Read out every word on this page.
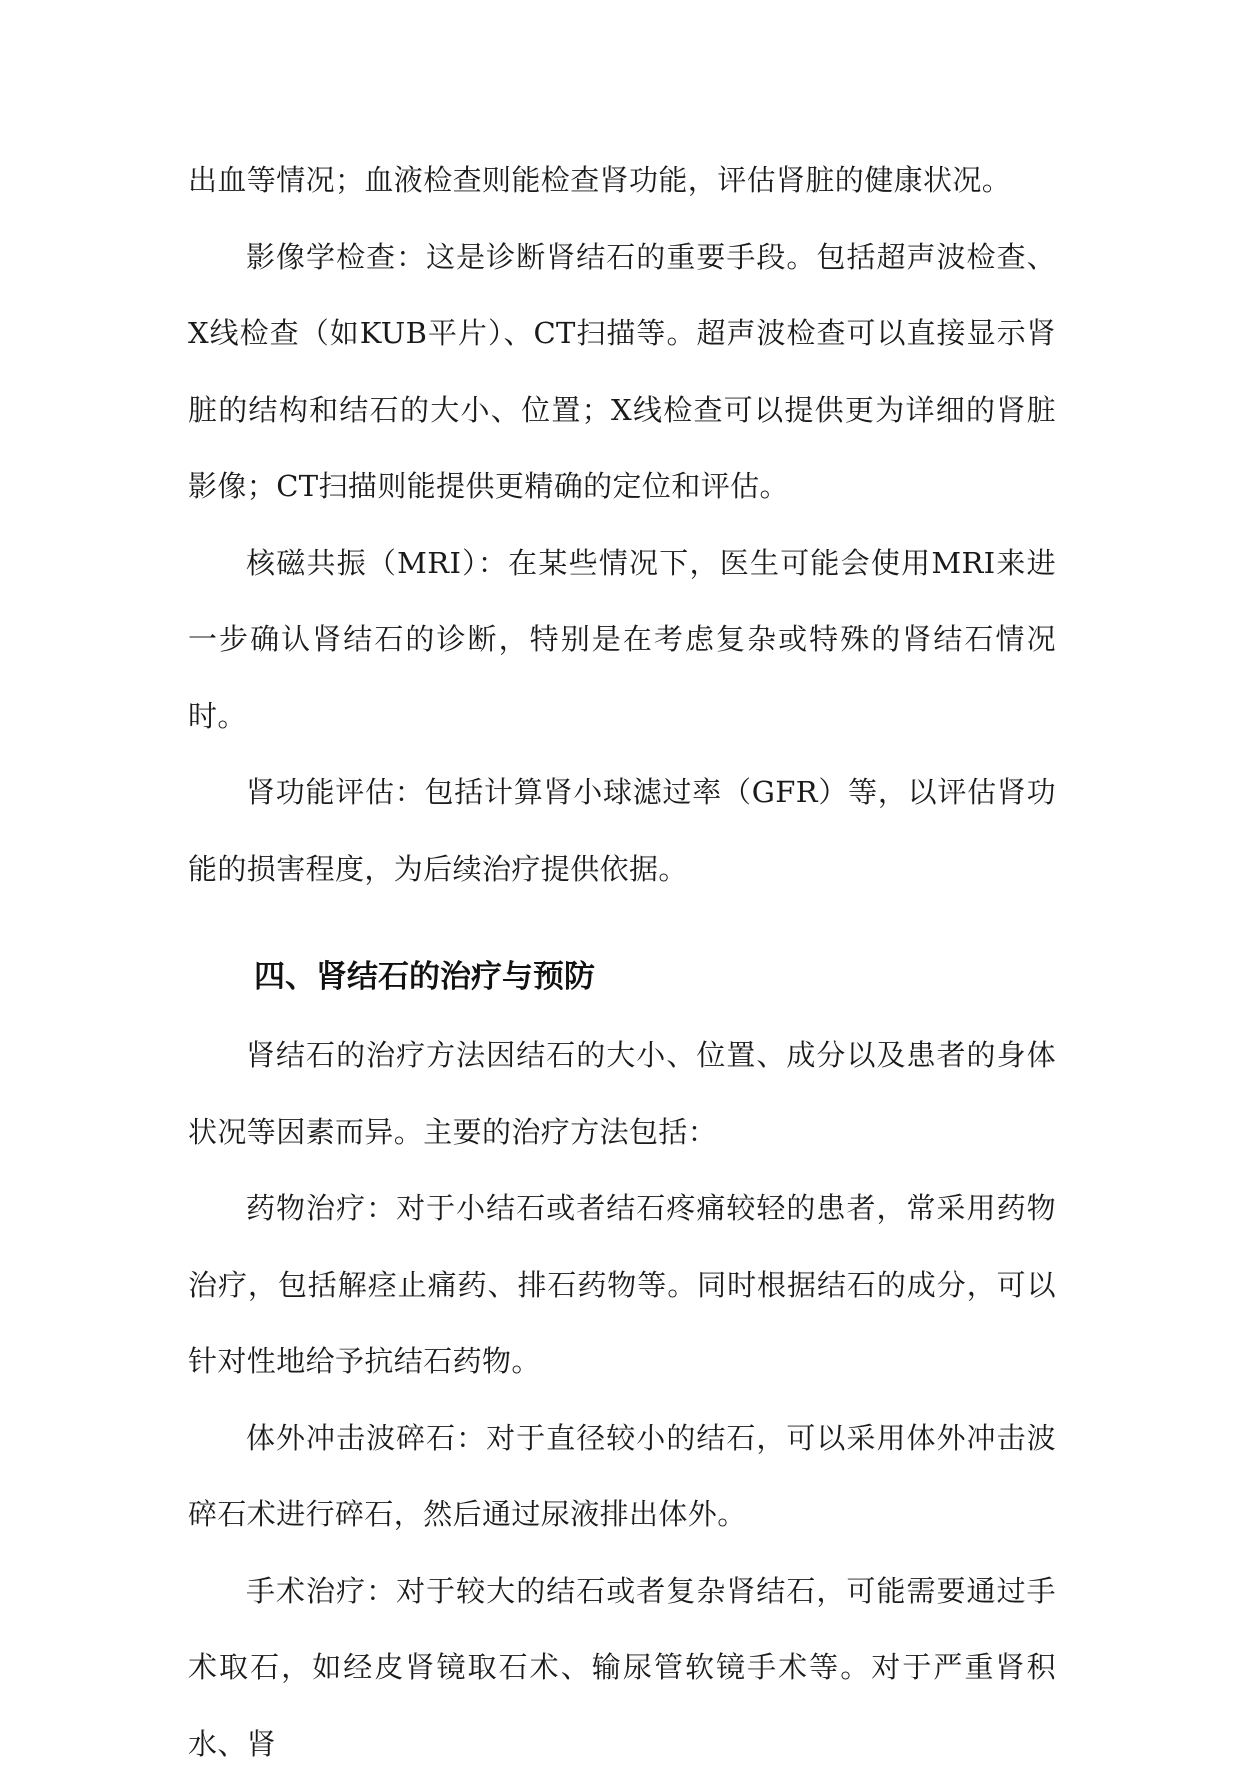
出血等情况；血液检查则能检查肾功能，评估肾脏的健康状况。

影像学检查：这是诊断肾结石的重要手段。包括超声波检查、X线检查（如KUB平片）、CT扫描等。超声波检查可以直接显示肾脏的结构和结石的大小、位置；X线检查可以提供更为详细的肾脏影像；CT扫描则能提供更精确的定位和评估。

核磁共振（MRI）：在某些情况下，医生可能会使用MRI来进一步确认肾结石的诊断，特别是在考虑复杂或特殊的肾结石情况时。

肾功能评估：包括计算肾小球滤过率（GFR）等，以评估肾功能的损害程度，为后续治疗提供依据。

四、肾结石的治疗与预防

肾结石的治疗方法因结石的大小、位置、成分以及患者的身体状况等因素而异。主要的治疗方法包括：

药物治疗：对于小结石或者结石疼痛较轻的患者，常采用药物治疗，包括解痉止痛药、排石药物等。同时根据结石的成分，可以针对性地给予抗结石药物。

体外冲击波碎石：对于直径较小的结石，可以采用体外冲击波碎石术进行碎石，然后通过尿液排出体外。

手术治疗：对于较大的结石或者复杂肾结石，可能需要通过手术取石，如经皮肾镜取石术、输尿管软镜手术等。对于严重肾积水、肾
